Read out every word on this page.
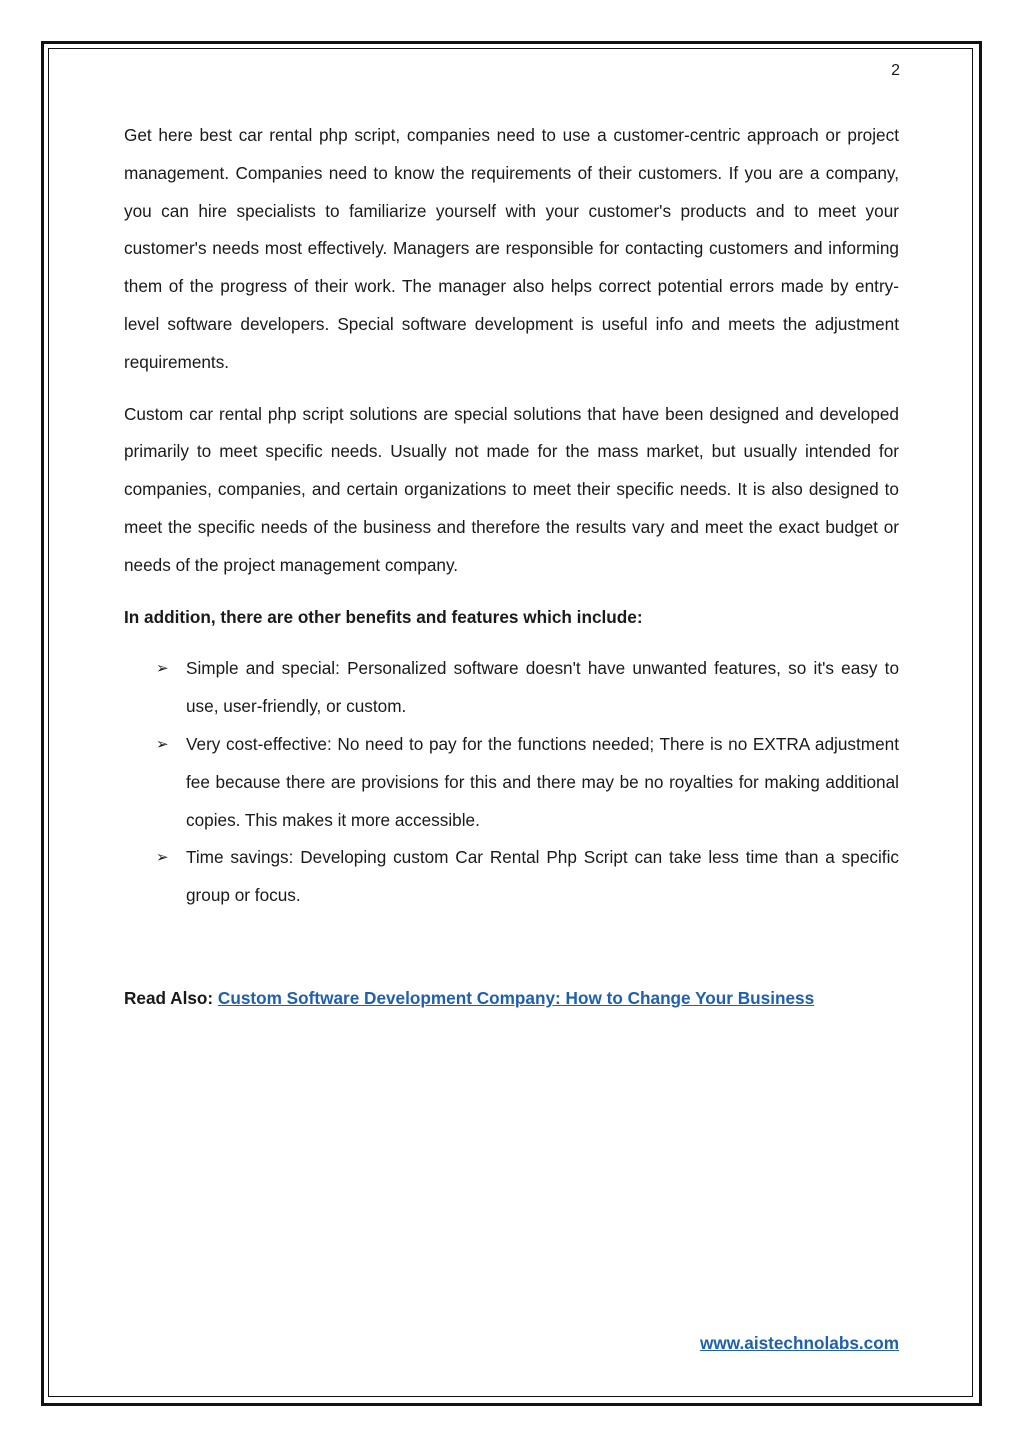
2

Get here best car rental php script, companies need to use a customer-centric approach or project management. Companies need to know the requirements of their customers. If you are a company, you can hire specialists to familiarize yourself with your customer's products and to meet your customer's needs most effectively. Managers are responsible for contacting customers and informing them of the progress of their work. The manager also helps correct potential errors made by entry-level software developers. Special software development is useful info and meets the adjustment requirements.

Custom car rental php script solutions are special solutions that have been designed and developed primarily to meet specific needs. Usually not made for the mass market, but usually intended for companies, companies, and certain organizations to meet their specific needs. It is also designed to meet the specific needs of the business and therefore the results vary and meet the exact budget or needs of the project management company.

In addition, there are other benefits and features which include:

➢ Simple and special: Personalized software doesn't have unwanted features, so it's easy to use, user-friendly, or custom.
➢ Very cost-effective: No need to pay for the functions needed; There is no EXTRA adjustment fee because there are provisions for this and there may be no royalties for making additional copies. This makes it more accessible.
➢ Time savings: Developing custom Car Rental Php Script can take less time than a specific group or focus.
Read Also: Custom Software Development Company: How to Change Your Business
www.aistechnolabs.com
